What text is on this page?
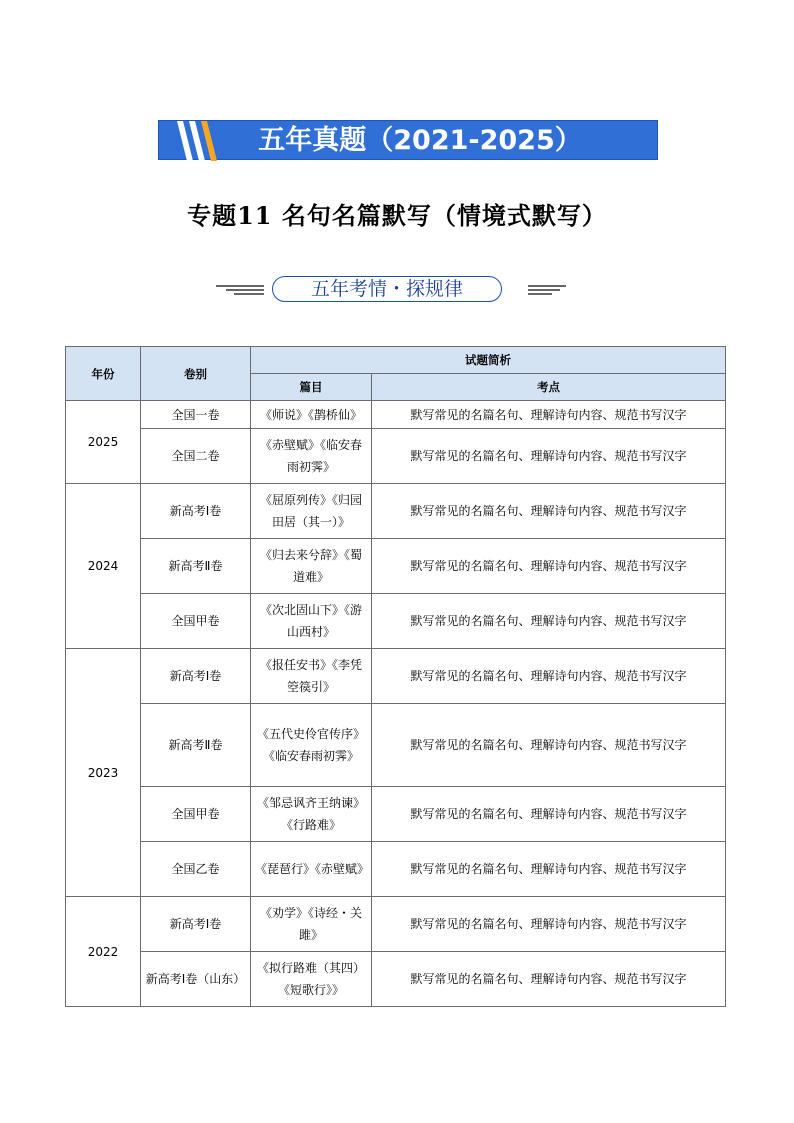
五年真题（2021-2025）
专题11 名句名篇默写（情境式默写）
五年考情・探规律
年份	卷别	试题简析	
		篇目	考点
2025	全国一卷	《师说》《鹊桥仙》	默写常见的名篇名句、理解诗句内容、规范书写汉字
	全国二卷	《赤壁赋》《临安春雨初霁》	默写常见的名篇名句、理解诗句内容、规范书写汉字
2024	新高考Ⅰ卷	《屈原列传》《归园田居（其一）》	默写常见的名篇名句、理解诗句内容、规范书写汉字
	新高考Ⅱ卷	《归去来兮辞》《蜀道难》	默写常见的名篇名句、理解诗句内容、规范书写汉字
	全国甲卷	《次北固山下》《游山西村》	默写常见的名篇名句、理解诗句内容、规范书写汉字
2023	新高考Ⅰ卷	《报任安书》《李凭箜篌引》	默写常见的名篇名句、理解诗句内容、规范书写汉字
	新高考Ⅱ卷	《五代史伶官传序》《临安春雨初霁》	默写常见的名篇名句、理解诗句内容、规范书写汉字
	全国甲卷	《邹忌讽齐王纳谏》《行路难》	默写常见的名篇名句、理解诗句内容、规范书写汉字
	全国乙卷	《琵琶行》《赤壁赋》	默写常见的名篇名句、理解诗句内容、规范书写汉字
2022	新高考Ⅰ卷	《劝学》《诗经・关雎》	默写常见的名篇名句、理解诗句内容、规范书写汉字
	新高考Ⅰ卷（山东）	《拟行路难（其四）《短歌行》》	默写常见的名篇名句、理解诗句内容、规范书写汉字
